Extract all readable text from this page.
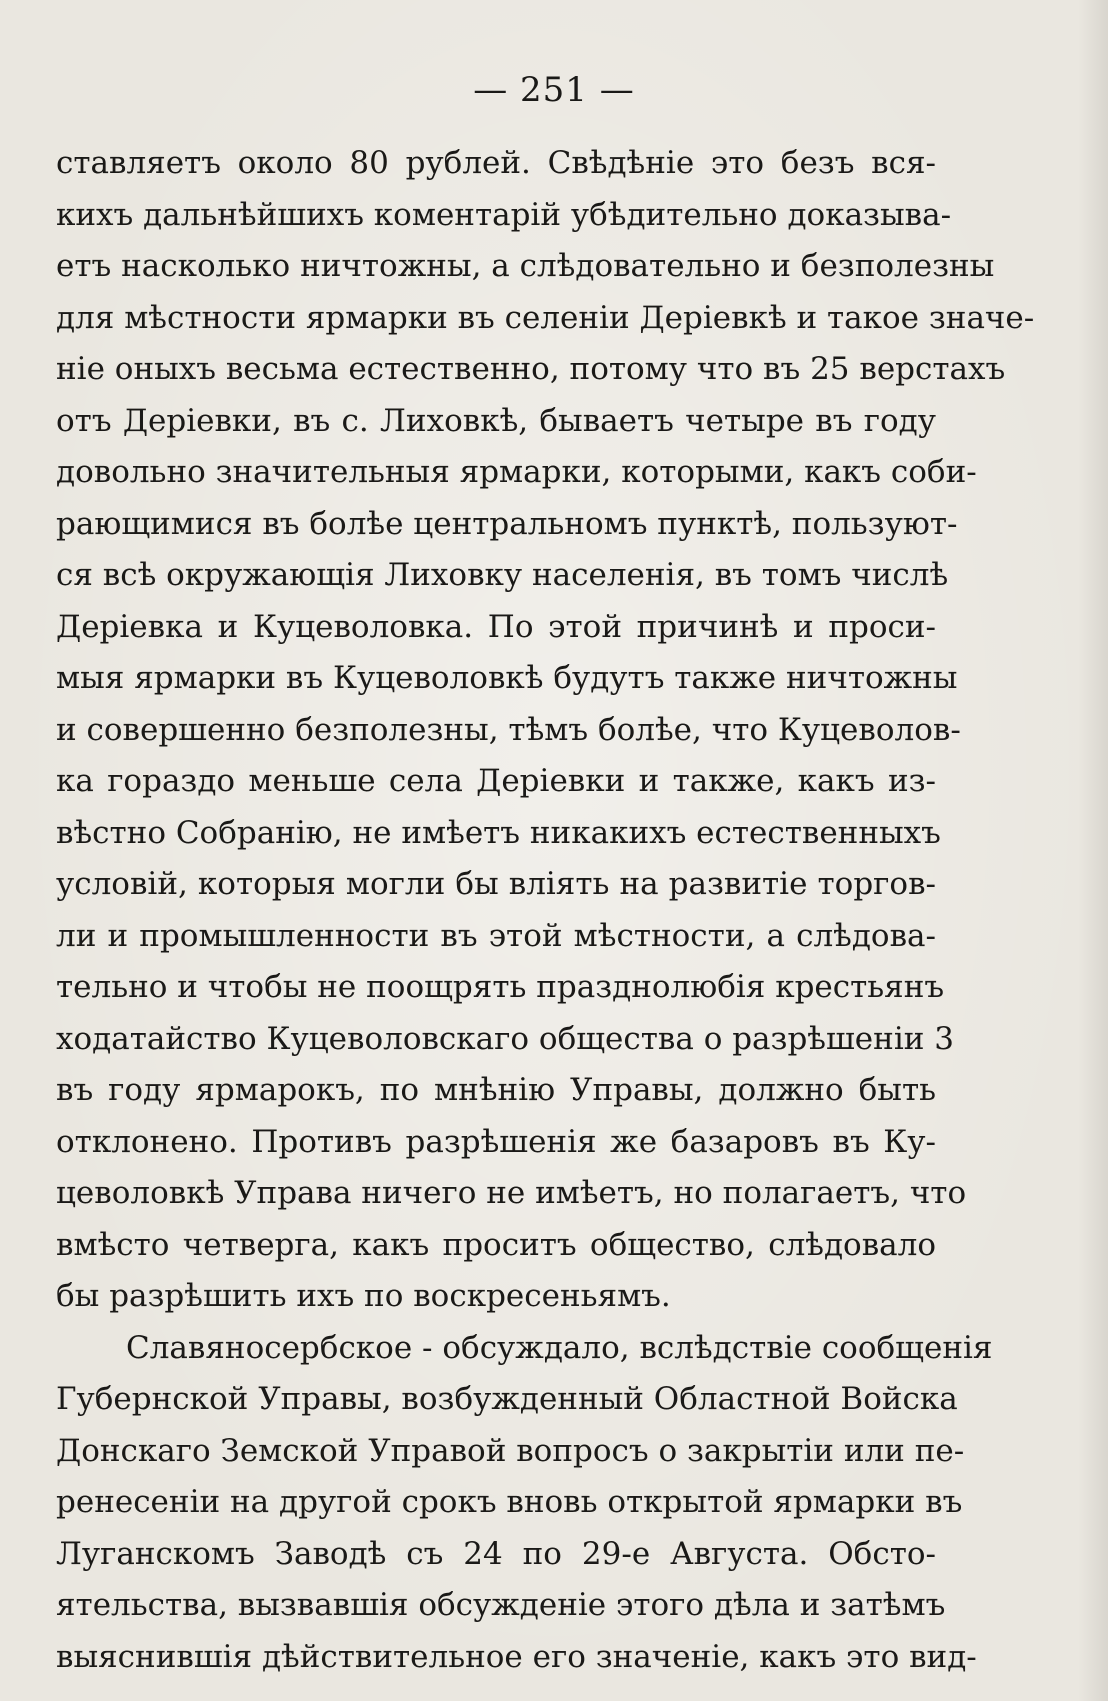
— 251 —
ставляетъ около 80 рублей. Свѣдѣніе это безъ вся-
кихъ дальнѣйшихъ коментарій убѣдительно доказыва-
етъ насколько ничтожны, а слѣдовательно и безполезны
для мѣстности ярмарки въ селеніи Деріевкѣ и такое значе-
ніе оныхъ весьма естественно, потому что въ 25 верстахъ
отъ Деріевки, въ с. Лиховкѣ, бываетъ четыре въ году
довольно значительныя ярмарки, которыми, какъ соби-
рающимися въ болѣе центральномъ пунктѣ, пользуют-
ся всѣ окружающія Лиховку населенія, въ томъ числѣ
Деріевка и Куцеволовка. По этой причинѣ и проси-
мыя ярмарки въ Куцеволовкѣ будутъ также ничтожны
и совершенно безполезны, тѣмъ болѣе, что Куцеволов-
ка гораздо меньше села Деріевки и также, какъ из-
вѣстно Собранію, не имѣетъ никакихъ естественныхъ
условій, которыя могли бы вліять на развитіе торгов-
ли и промышленности въ этой мѣстности, а слѣдова-
тельно и чтобы не поощрять празднолюбія крестьянъ
ходатайство Куцеволовскаго общества о разрѣшеніи 3
въ году ярмарокъ, по мнѣнію Управы, должно быть
отклонено. Противъ разрѣшенія же базаровъ въ Ку-
цеволовкѣ Управа ничего не имѣетъ, но полагаетъ, что
вмѣсто четверга, какъ проситъ общество, слѣдовало
бы разрѣшить ихъ по воскресеньямъ.
Славяносербское - обсуждало, вслѣдствіе сообщенія
Губернской Управы, возбужденный Областной Войска
Донскаго Земской Управой вопросъ о закрытіи или пе-
ренесеніи на другой срокъ вновь открытой ярмарки въ
Луганскомъ Заводѣ съ 24 по 29-е Августа. Обсто-
ятельства, вызвавшія обсужденіе этого дѣла и затѣмъ
выяснившія дѣйствительное его значеніе, какъ это вид-
